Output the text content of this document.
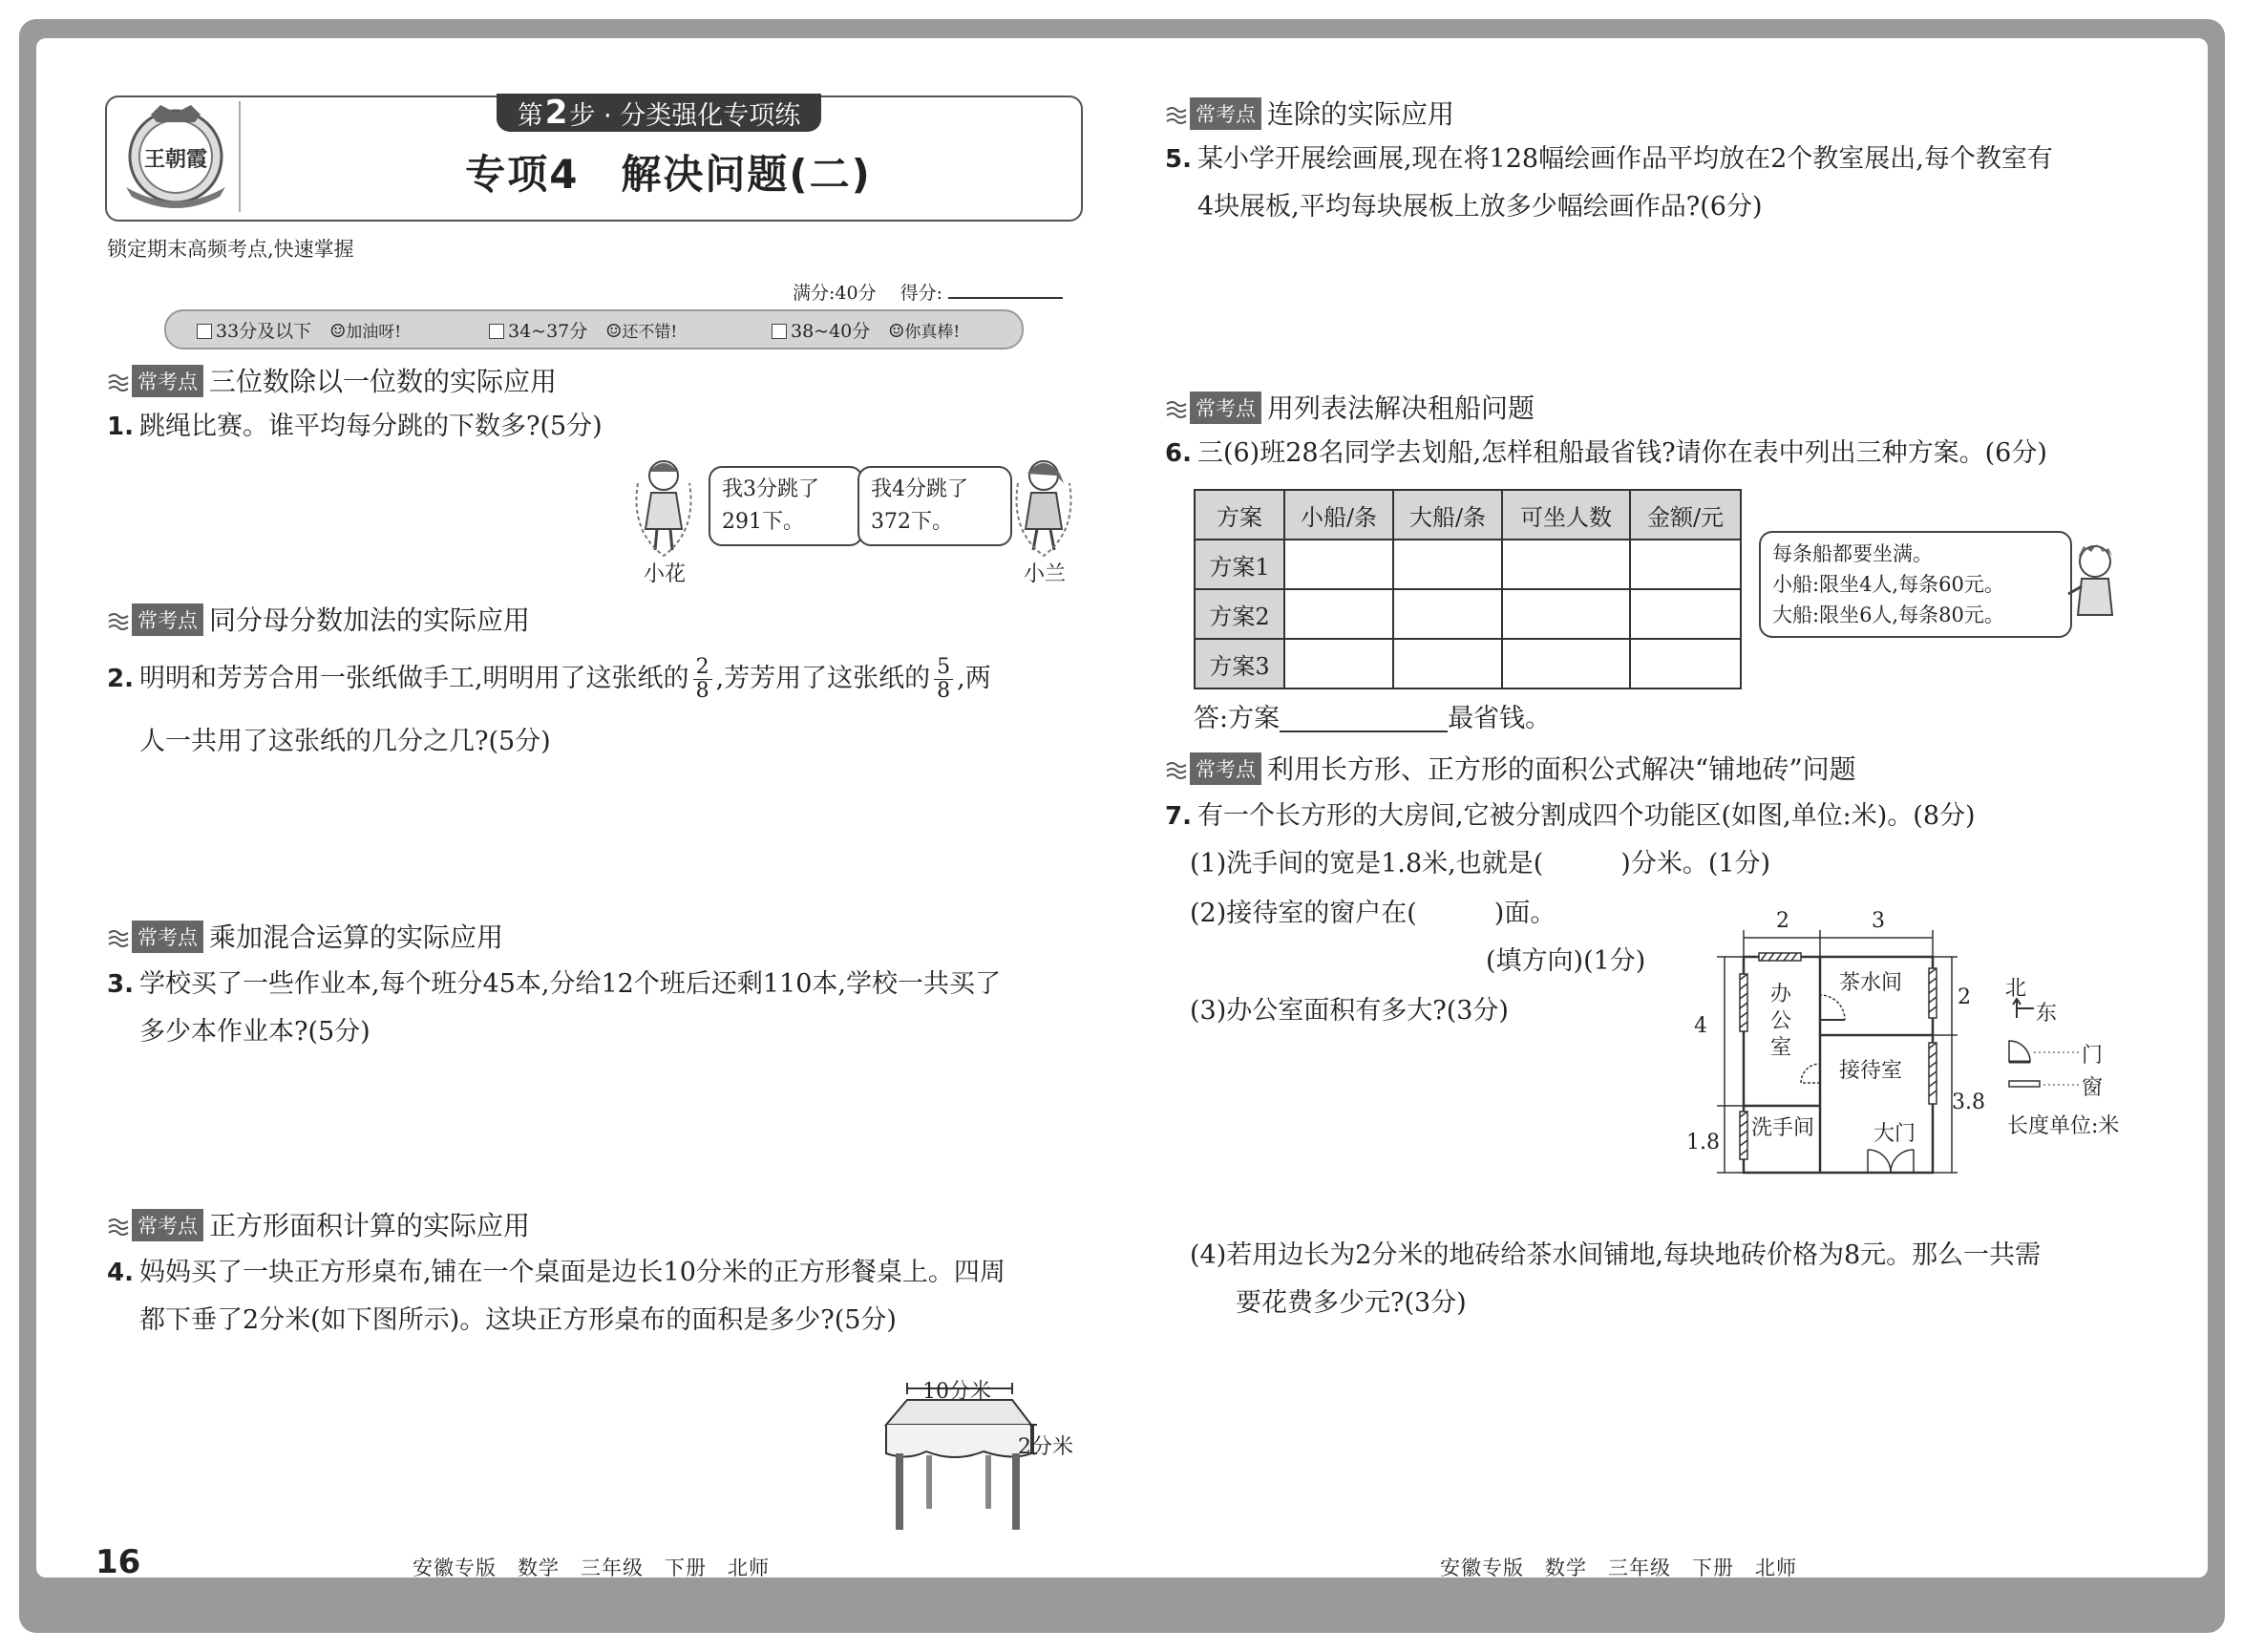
王朝霞
第 2 步 · 分类强化专项练
专项4　解决问题(二)
锁定期末高频考点,快速掌握
满分:40分　 得分:
33分及以下　 ☺加油呀!	34~37分　 ☺还不错!	38~40分　 ☺你真棒!
常考点 三位数除以一位数的实际应用
1. 跳绳比赛。谁平均每分跳的下数多?(5分)
我3分跳了
291下。
我4分跳了
372下。
小花	小兰
常考点 同分母分数加法的实际应用
2. 明明和芳芳合用一张纸做手工,明明用了这张纸的 $\frac{2}{8}$ ,芳芳用了这张纸的 $\frac{5}{8}$ ,两
人一共用了这张纸的几分之几?(5分)
常考点 乘加混合运算的实际应用
3. 学校买了一些作业本,每个班分45本,分给12个班后还剩110本,学校一共买了
多少本作业本?(5分)
常考点 正方形面积计算的实际应用
4. 妈妈买了一块正方形桌布,铺在一个桌面是边长10分米的正方形餐桌上。四周
都下垂了2分米(如下图所示)。这块正方形桌布的面积是多少?(5分)
10分米
2分米
16	安徽专版　数学　三年级　下册　北师
常考点 连除的实际应用
5. 某小学开展绘画展,现在将128幅绘画作品平均放在2个教室展出,每个教室有
4块展板,平均每块展板上放多少幅绘画作品?(6分)
常考点 用列表法解决租船问题
6. 三(6)班28名同学去划船,怎样租船最省钱?请你在表中列出三种方案。(6分)
方案	小船/条	大船/条	可坐人数	金额/元
方案1				
方案2				
方案3				
每条船都要坐满。
小船:限坐4人,每条60元。
大船:限坐6人,每条80元。
答:方案	最省钱。
常考点 利用长方形、正方形的面积公式解决“铺地砖”问题
7. 有一个长方形的大房间,它被分割成四个功能区(如图,单位:米)。(8分)
(1)洗手间的宽是1.8米,也就是(　　　)分米。(1分)
(2)接待室的窗户在(　　　)面。
(填方向)(1分)
(3)办公室面积有多大?(3分)
2	3
4
1.8
2
3.8
办公室
茶水间
接待室
洗手间	大门
北
东
门
窗
长度单位:米
(4)若用边长为2分米的地砖给茶水间铺地,每块地砖价格为8元。那么一共需
要花费多少元?(3分)
安徽专版　数学　三年级　下册　北师
